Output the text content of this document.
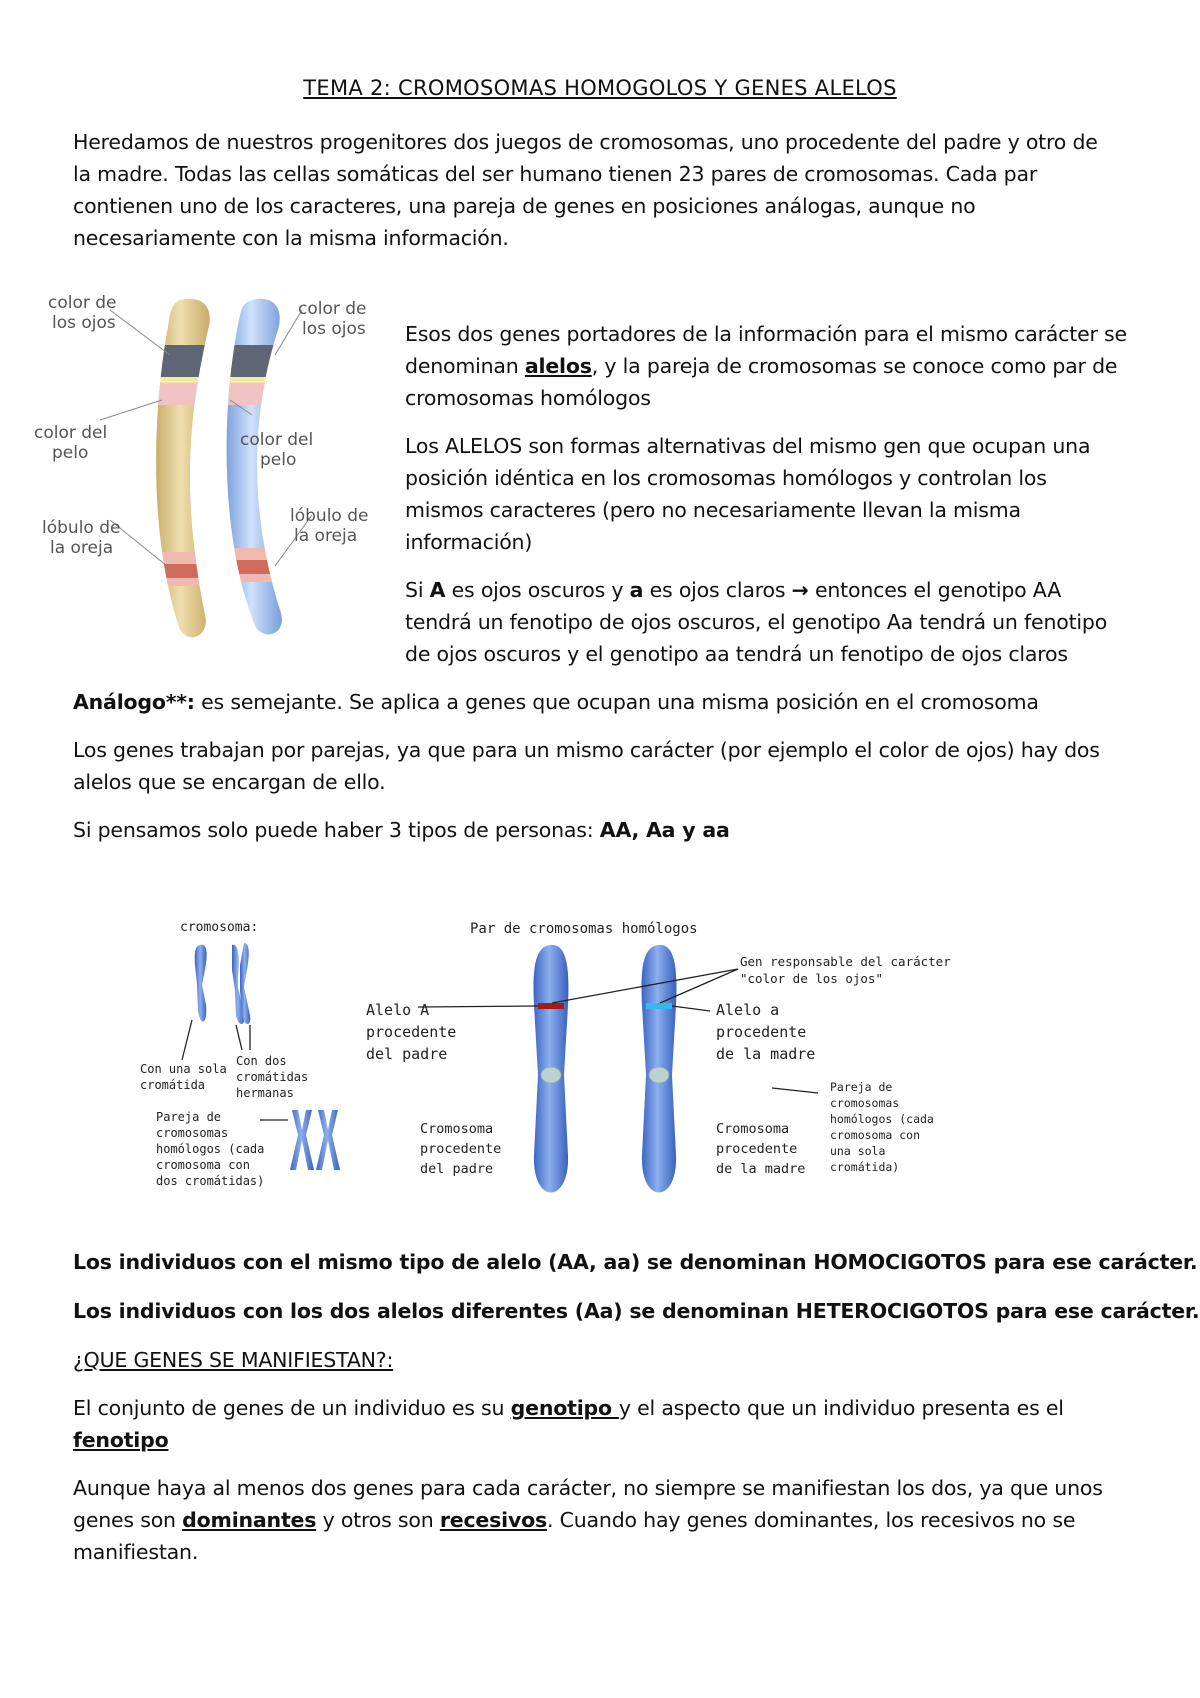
TEMA 2: CROMOSOMAS HOMOGOLOS Y GENES ALELOS
Heredamos de nuestros progenitores dos juegos de cromosomas, uno procedente del padre y otro de
la madre. Todas las cellas somáticas del ser humano tienen 23 pares de cromosomas. Cada par
contienen uno de los caracteres, una pareja de genes en posiciones análogas, aunque no
necesariamente con la misma información.
color de
los ojos
color de
los ojos
color del
pelo
color del
pelo
lóbulo de
la oreja
lóbulo de
la oreja
Esos dos genes portadores de la información para el mismo carácter se
denominan alelos, y la pareja de cromosomas se conoce como par de
cromosomas homólogos
Los ALELOS son formas alternativas del mismo gen que ocupan una
posición idéntica en los cromosomas homólogos y controlan los
mismos caracteres (pero no necesariamente llevan la misma
información)
Si A es ojos oscuros y a es ojos claros → entonces el genotipo AA
tendrá un fenotipo de ojos oscuros, el genotipo Aa tendrá un fenotipo
de ojos oscuros y el genotipo aa tendrá un fenotipo de ojos claros
Análogo**: es semejante. Se aplica a genes que ocupan una misma posición en el cromosoma
Los genes trabajan por parejas, ya que para un mismo carácter (por ejemplo el color de ojos) hay dos
alelos que se encargan de ello.
Si pensamos solo puede haber 3 tipos de personas: AA, Aa y aa
cromosoma:
Con una sola
cromátida
Con dos
cromátidas
hermanas
Pareja de
cromosomas
homólogos (cada
cromosoma con
dos cromátidas)
Par de cromosomas homólogos
Gen responsable del carácter
"color de los ojos"
Alelo A
procedente
del padre
Alelo a
procedente
de la madre
Cromosoma
procedente
del padre
Cromosoma
procedente
de la madre
Pareja de
cromosomas
homólogos (cada
cromosoma con
una sola
cromátida)
Los individuos con el mismo tipo de alelo (AA, aa) se denominan HOMOCIGOTOS para ese carácter.
Los individuos con los dos alelos diferentes (Aa) se denominan HETEROCIGOTOS para ese carácter.
¿QUE GENES SE MANIFIESTAN?:
El conjunto de genes de un individuo es su genotipo y el aspecto que un individuo presenta es el
fenotipo
Aunque haya al menos dos genes para cada carácter, no siempre se manifiestan los dos, ya que unos
genes son dominantes y otros son recesivos. Cuando hay genes dominantes, los recesivos no se
manifiestan.
